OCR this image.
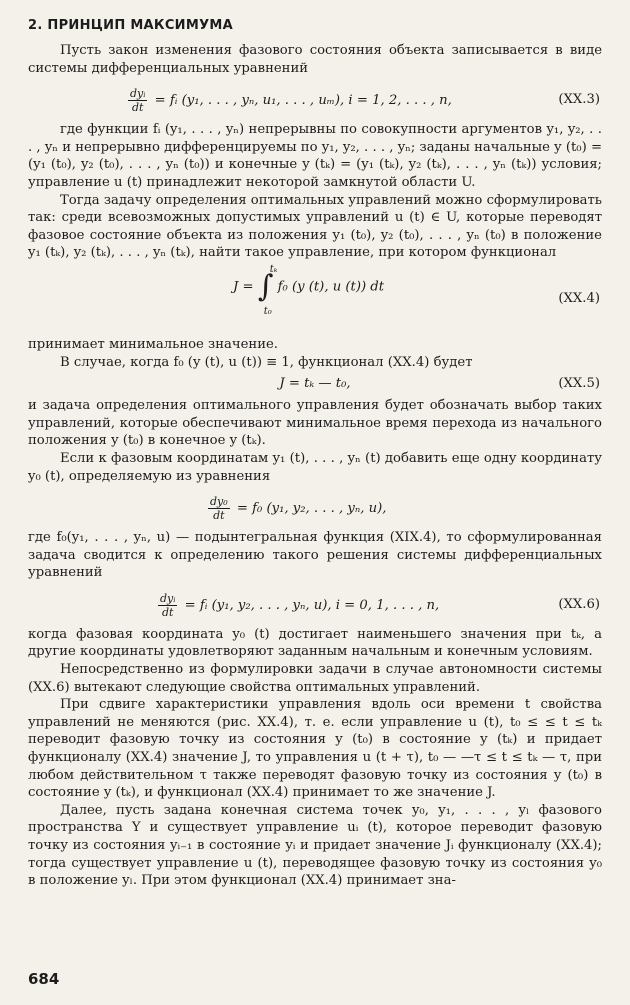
2. ПРИНЦИП МАКСИМУМА

Пусть закон изменения фазового состояния объекта записывается в виде системы дифференциальных уравнений

$\frac{\text{dyᵢ}}{dt}$ = fᵢ (y₁, . . . , yₙ, u₁, . . . , uₘ), i = 1, 2, . . . , n,	(XX.3)

где функции fᵢ (y₁, . . . , yₙ) непрерывны по совокупности аргументов y₁, y₂, . . . , yₙ и непрерывно дифференцируемы по y₁, y₂, . . . , yₙ; заданы начальные y (t₀) = (y₁ (t₀), y₂ (t₀), . . . , yₙ (t₀)) и конечные y (tₖ) = (y₁ (tₖ), y₂ (tₖ), . . . , yₙ (tₖ)) условия; управление u (t) принадлежит некоторой замкнутой области U.

Тогда задачу определения оптимальных управлений можно сформулировать так: среди всевозможных допустимых управлений u (t) ∈ U, которые переводят фазовое состояние объекта из положения y₁ (t₀), y₂ (t₀), . . . , yₙ (t₀) в положение y₁ (tₖ), y₂ (tₖ), . . . , yₙ (tₖ), найти такое управление, при котором функционал

J = ∫
tₖ
t₀
f₀ (y (t), u (t)) dt
(XX.4)

принимает минимальное значение.

В случае, когда f₀ (y (t), u (t)) ≡ 1, функционал (XX.4) будет

J = tₖ — t₀,	(XX.5)

и задача определения оптимального управления будет обозначать выбор таких управлений, которые обеспечивают минимальное время перехода из начального положения y (t₀) в конечное y (tₖ).

Если к фазовым координатам y₁ (t), . . . , yₙ (t) добавить еще одну координату y₀ (t), определяемую из уравнения

$\frac{\text{dy₀}}{dt} = f_0$ (y₁, y₂, . . . , yₙ, u),

где f₀(y₁, . . . , yₙ, u) — подынтегральная функция (XIX.4), то сформулированная задача сводится к определению такого решения системы дифференциальных уравнений

$\frac{\text{dyᵢ}}{dt}$ = fᵢ (y₁, y₂, . . . , yₙ, u), i = 0, 1, . . . , n,	(XX.6)

когда фазовая координата y₀ (t) достигает наименьшего значения при tₖ, а другие координаты удовлетворяют заданным начальным и конечным условиям.

Непосредственно из формулировки задачи в случае автономности системы (XX.6) вытекают следующие свойства оптимальных управлений.

При сдвиге характеристики управления вдоль оси времени t свойства управлений не меняются (рис. XX.4), т. е. если управление u (t), t₀ ≤ ≤ t ≤ tₖ переводит фазовую точку из состояния y (t₀) в состояние y (tₖ) и придает функционалу (XX.4) значение J, то управления u (t + τ), t₀ — —τ ≤ t ≤ tₖ — τ, при любом действительном τ также переводят фазовую точку из состояния y (t₀) в состояние y (tₖ), и функционал (XX.4) принимает то же значение J.

Далее, пусть задана конечная система точек y₀, y₁, . . . , yₗ фазового пространства Y и существует управление uᵢ (t), которое переводит фазовую точку из состояния yᵢ₋₁ в состояние yᵢ и придает значение Jᵢ функционалу (XX.4); тогда существует управление u (t), переводящее фазовую точку из состояния y₀ в положение yₗ. При этом функционал (XX.4) принимает зна-

684
